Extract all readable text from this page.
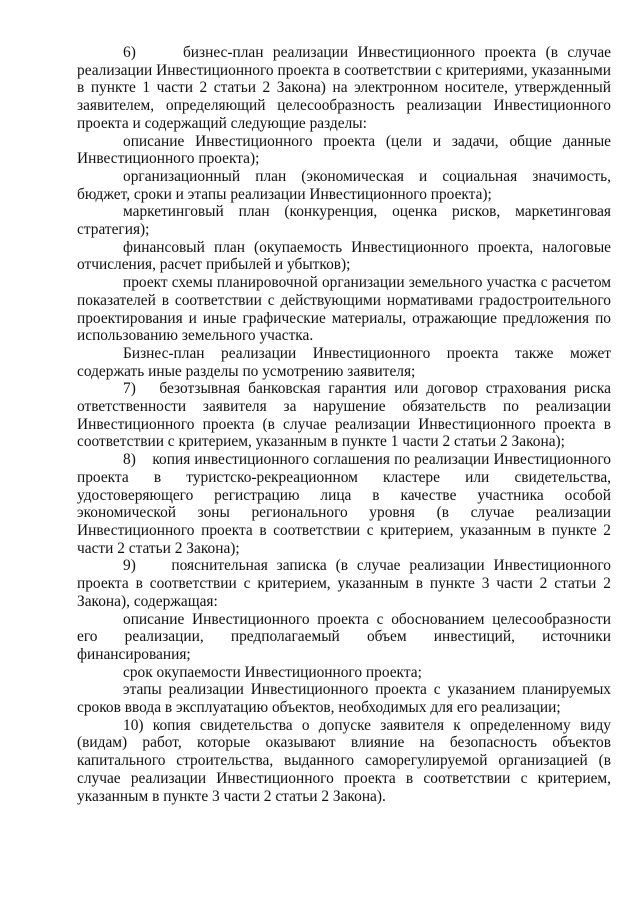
6)     бизнес-план реализации Инвестиционного проекта (в случае реализации Инвестиционного проекта в соответствии с критериями, указанными в пункте 1 части 2 статьи 2 Закона) на электронном носителе, утвержденный заявителем, определяющий целесообразность реализации Инвестиционного проекта и содержащий следующие разделы:

описание Инвестиционного проекта (цели и задачи, общие данные Инвестиционного проекта);

организационный план (экономическая и социальная значимость, бюджет, сроки и этапы реализации Инвестиционного проекта);

маркетинговый план (конкуренция, оценка рисков, маркетинговая стратегия);

финансовый план (окупаемость Инвестиционного проекта, налоговые отчисления, расчет прибылей и убытков);

проект схемы планировочной организации земельного участка с расчетом показателей в соответствии с действующими нормативами градостроительного проектирования и иные графические материалы, отражающие предложения по использованию земельного участка.

Бизнес-план реализации Инвестиционного проекта также может содержать иные разделы по усмотрению заявителя;

7)   безотзывная банковская гарантия или договор страхования риска ответственности заявителя за нарушение обязательств по реализации Инвестиционного проекта (в случае реализации Инвестиционного проекта в соответствии с критерием, указанным в пункте 1 части 2 статьи 2 Закона);

8)    копия инвестиционного соглашения по реализации Инвестиционного проекта в туристско-рекреационном кластере или свидетельства, удостоверяющего регистрацию лица в качестве участника особой экономической зоны регионального уровня (в случае реализации Инвестиционного проекта в соответствии с критерием, указанным в пункте 2 части 2 статьи 2 Закона);

9)    пояснительная записка (в случае реализации Инвестиционного проекта в соответствии с критерием, указанным в пункте 3 части 2 статьи 2 Закона), содержащая:

описание Инвестиционного проекта с обоснованием целесообразности его реализации, предполагаемый объем инвестиций, источники финансирования;

срок окупаемости Инвестиционного проекта;

этапы реализации Инвестиционного проекта с указанием планируемых сроков ввода в эксплуатацию объектов, необходимых для его реализации;

10) копия свидетельства о допуске заявителя к определенному виду (видам) работ, которые оказывают влияние на безопасность объектов капитального строительства, выданного саморегулируемой организацией (в случае реализации Инвестиционного проекта в соответствии с критерием, указанным в пункте 3 части 2 статьи 2 Закона).
